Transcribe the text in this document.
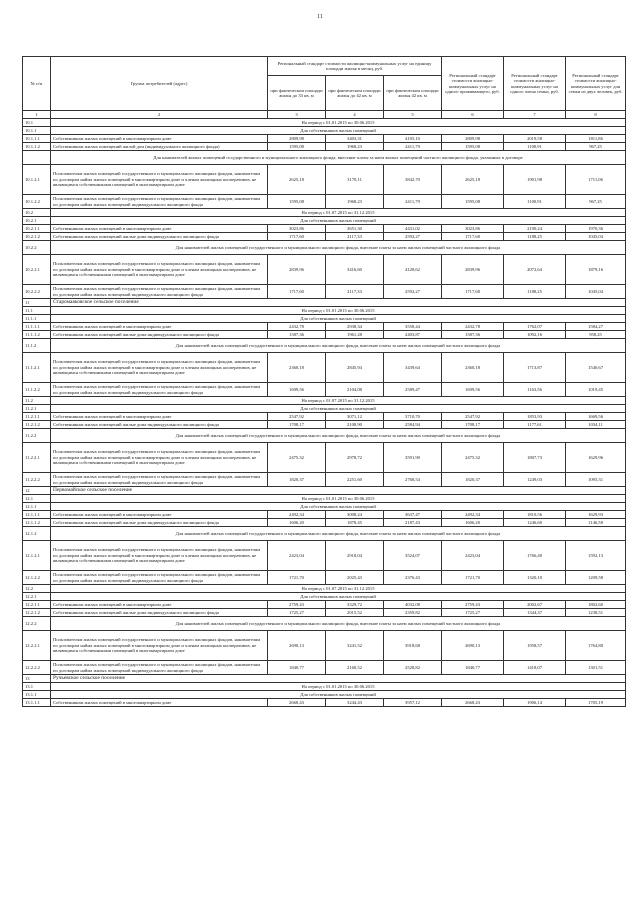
11
№ п/п	Группа потребителей (адрес)	Региональный стандарт стоимости жилищно-коммунальных услуг на единицу площади жилья в месяц, руб.			Региональный стандарт стоимости жилищно-коммунальных услуг на одного проживающего, руб.	Региональный стандарт стоимости жилищно-коммунальных услуг на одного члена семьи, руб.	Региональный стандарт стоимости жилищно-коммунальных услуг для семьи из двух человек, руб.
		при фактическом площади жилья до 33 кв. м	при фактическом площади жилья до 42 кв. м	при фактическом площади жилья 42 кв. м			
1	2	3	4	5	6	7	8
10.1	На период с 01.01.2015 по 30.06.2015						
10.1.1	Для собственников жилых помещений						
10.1.1.1	Собственникам жилых помещений в многоквартирном доме	2809,98	3403,31	4105,10	2809,98	2019,58	1811,86
10.1.1.2	Собственникам жилых помещений жилой дом (индивидуального жилищного фонда)	1595,08	1968,23	2411,79	1595,08	1100,91	967,25
	Для нанимателей жилых помещений государственного и муниципального жилищного фонда, внесение платы за наем жилых помещений частного жилищного фонда, указанных в договоре						
10.1.2.1	Пользователям жилых помещений государственного и муниципального жилищных фондов, нанимателям по договорам найма жилых помещений в многоквартирном доме и членам жилищных кооперативов, не являющимся собственниками помещений в многоквартирном доме	2625,18	3170,11	3842,70	2625,18	1901,98	1711,06
10.1.2.2	Пользователям жилых помещений государственного и муниципального жилищных фондов, нанимателям по договорам найма жилых помещений индивидуального жилищного фонда	1595,08	1968,23	2411,79	1595,08	1100,91	967,25
10.2	На период с 01.07.2015 по 31.12.2015						
10.2.1	Для собственников жилых помещений						
10.2.1.1	Собственникам жилых помещений в многоквартирном доме	3023,86	3651,30	4431,02	3023,86	2190,24	1970,36
10.2.1.2	Собственникам жилых помещений жилые дома индивидуального жилищного фонда	1717,60	2117,33	2592,27	1717,60	1188,25	1045,04
10.2.2	Для нанимателей жилых помещений государственного и муниципального жилищного фонда, внесение платы за наем жилых помещений частного жилищного фонда						
10.2.2.1	Пользователям жилых помещений государственного и муниципального жилищных фондов, нанимателям по договорам найма жилых помещений в многоквартирном доме и членам жилищных кооперативов, не являющимся собственниками помещений в многоквартирном доме	2839,96	3416,60	4128,62	2839,96	2072,64	1879,16
10.2.2.2	Пользователям жилых помещений государственного и муниципального жилищных фондов, нанимателям по договорам найма жилых помещений индивидуального жилищного фонда	1717,60	2117,33	2592,27	1717,60	1188,25	1045,04
11	Старомаяковское сельское поселение						
11.1	На период с 01.01.2015 по 30.06.2015						
11.1.1	Для собственников жилых помещений						
11.1.1.1	Собственникам жилых помещений в многоквартирном доме	2432,78	2938,34	3558,44	2432,78	1762,07	1584,27
11.1.1.2	Собственникам жилых помещений жилые дома индивидуального жилищного фонда	1587,36	1961,28	2403,87	1587,36	1092,16	958,25
11.1.2	Для нанимателей жилых помещений государственного и муниципального жилищного фонда, внесение платы за наем жилых помещений частного жилищного фонда						
11.1.2.1	Пользователям жилых помещений государственного и муниципального жилищных фондов, нанимателям по договорам найма жилых помещений в многоквартирном доме и членам жилищных кооперативов, не являющимся собственниками помещений в многоквартирном доме	2360,18	2845,94	3439,64	2360,18	1713,87	1540,67
11.1.2.2	Пользователям жилых помещений государственного и муниципального жилищных фондов, нанимателям по договорам найма жилых помещений индивидуального жилищного фонда	1699,56	2104,08	2589,47	1699,56	1163,56	1019,45
11.2	На период с 01.07.2015 по 31.12.2015						
11.2.1	Для собственников жилых помещений						
11.2.1.1	Собственникам жилых помещений в многоквартирном доме	2547,92	3071,12	3710,70	2547,92	1853,93	1669,56
11.2.1.2	Собственникам жилых помещений жилые дома индивидуального жилищного фонда	1708,17	2108,90	2584,94	1708,17	1177,61	1034,11
11.2.2	Для нанимателей жилых помещений государственного и муниципального жилищного фонда, внесение платы за наем жилых помещений частного жилищного фонда						
11.2.2.1	Пользователям жилых помещений государственного и муниципального жилищных фондов, нанимателям по договорам найма жилых помещений в многоквартирном доме и членам жилищных кооперативов, не являющимся собственниками помещений в многоквартирном доме	2475,32	2978,72	3591,90	2475,32	1807,73	1629,96
11.2.2.2	Пользователям жилых помещений государственного и муниципального жилищных фондов, нанимателям по договорам найма жилых помещений индивидуального жилищного фонда	1820,37	2251,60	2768,54	1820,37	1249,03	1095,31
12	Первомайское сельское поселение						
12.1	На период с 01.01.2015 по 30.06.2015						
12.1.1	Для собственников жилых помещений						
12.1.1.1	Собственникам жилых помещений в многоквартирном доме	2492,34	3008,24	3637,47	2492,34	1810,56	1629,93
12.1.1.2	Собственникам жилых помещений жилые дома индивидуального жилищного фонда	1606,20	1878,45	2187,43	1606,20	1246,60	1146,58
12.1.2	Для нанимателей жилых помещений государственного и муниципального жилищного фонда, внесение платы за наем жилых помещений частного жилищного фонда						
12.1.2.1	Пользователям жилых помещений государственного и муниципального жилищных фондов, нанимателям по договорам найма жилых помещений в многоквартирном доме и членам жилищных кооперативов, не являющимся собственниками помещений в многоквартирном доме	2423,04	2918,04	3524,07	2423,04	1766,40	1592,13
12.1.2.2	Пользователям жилых помещений государственного и муниципального жилищных фондов, нанимателям по договорам найма жилых помещений индивидуального жилищного фонда	1721,70	2025,43	2376,43	1721,70	1320,10	1209,58
12.2	На период с 01.07.2015 по 31.12.2015						
12.2.1	Для собственников жилых помещений						
12.2.1.1	Собственникам жилых помещений в многоквартирном доме	2759,43	3329,72	4032,08	2759,43	2002,67	1802,60
12.2.1.2	Собственникам жилых помещений жилые дома индивидуального жилищного фонда	1725,27	2015,52	2359,82	1725,27	1344,37	1238,51
12.2.2	Для нанимателей жилых помещений государственного и муниципального жилищного фонда, внесение платы за наем жилых помещений частного жилищного фонда						
12.2.2.1	Пользователям жилых помещений государственного и муниципального жилищных фондов, нанимателям по договорам найма жилых помещений в многоквартирном доме и членам жилищных кооперативов, не являющимся собственниками помещений в многоквартирном доме	2690,13	3241,52	3918,68	2690,13	1958,57	1764,80
12.2.2.2	Пользователям жилых помещений государственного и муниципального жилищных фондов, нанимателям по договорам найма жилых помещений индивидуального жилищного фонда	1840,77	2160,52	2528,82	1840,77	1418,07	1301,51
13	Ручьевское сельское поселение						
13.1	На период с 01.01.2015 по 30.06.2015						
13.1.1	Для собственников жилых помещений						
13.1.1.1	Собственникам жилых помещений в многоквартирном доме	2668,43	3244,43	3957,12	2668,43	1906,14	1705,19
